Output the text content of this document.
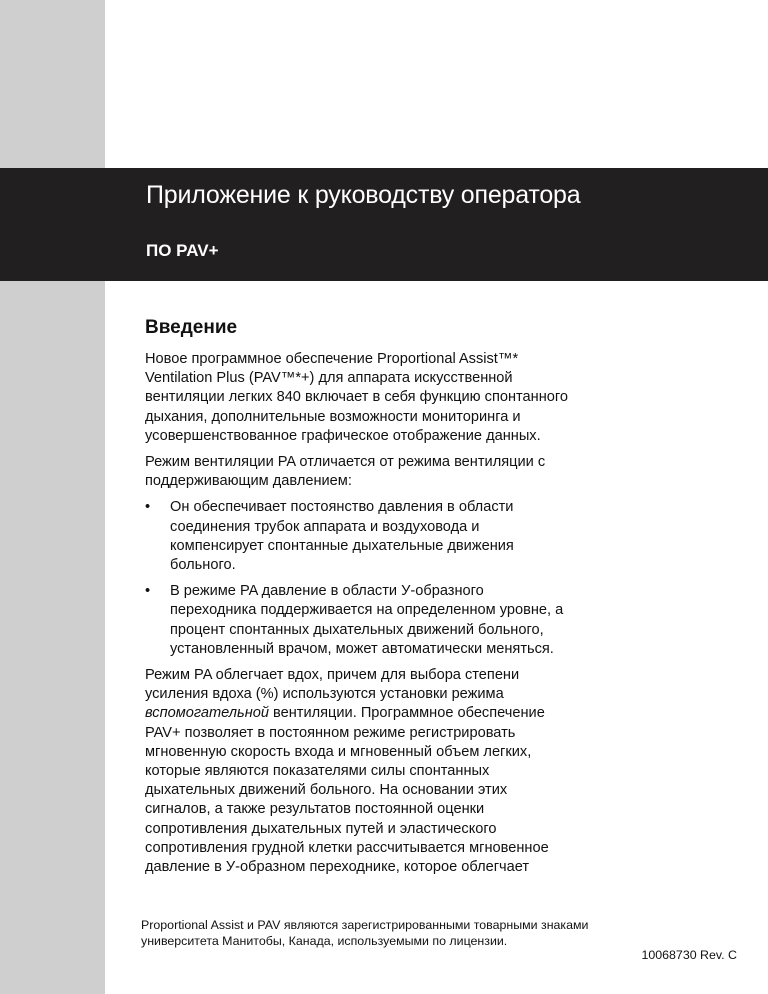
Приложение к руководству оператора
ПО PAV+
Введение

Новое программное обеспечение Proportional Assist™*
Ventilation Plus (PAV™*+) для аппарата искусственной
вентиляции легких 840 включает в себя функцию спонтанного
дыхания, дополнительные возможности мониторинга и
усовершенствованное графическое отображение данных.

Режим вентиляции PA отличается от режима вентиляции с
поддерживающим давлением:

• Он обеспечивает постоянство давления в области
соединения трубок аппарата и воздуховода и
компенсирует спонтанные дыхательные движения
больного.
• В режиме PA давление в области У-образного
переходника поддерживается на определенном уровне, а
процент спонтанных дыхательных движений больного,
установленный врачом, может автоматически меняться.

Режим PA облегчает вдох, причем для выбора степени
усиления вдоха (%) используются установки режима
вспомогательной вентиляции. Программное обеспечение
PAV+ позволяет в постоянном режиме регистрировать
мгновенную скорость входа и мгновенный объем легких,
которые являются показателями силы спонтанных
дыхательных движений больного. На основании этих
сигналов, а также результатов постоянной оценки
сопротивления дыхательных путей и эластического
сопротивления грудной клетки рассчитывается мгновенное
давление в У-образном переходнике, которое облегчает

Proportional Assist и PAV являются зарегистрированными товарными знаками
университета Манитобы, Канада, используемыми по лицензии.
10068730 Rev. C
